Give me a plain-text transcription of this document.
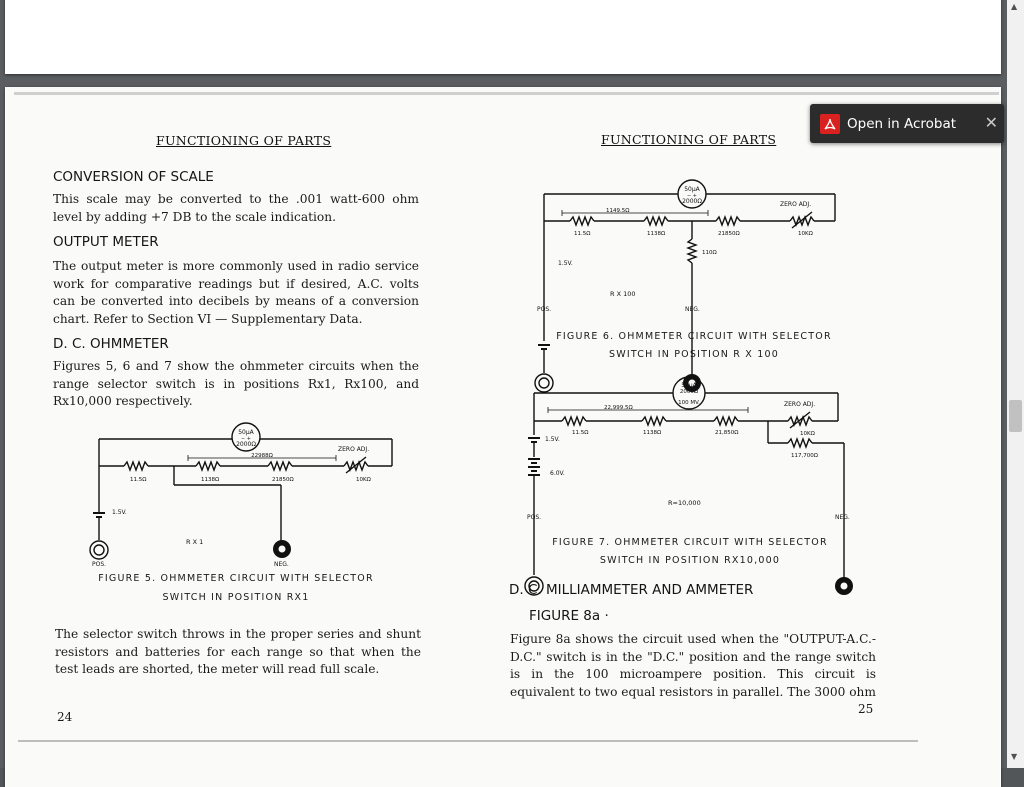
FUNCTIONING OF PARTS
CONVERSION OF SCALE
This scale may be converted to the .001 watt-600 ohm level by adding +7 DB to the scale indication.
OUTPUT METER
The output meter is more commonly used in radio service work for comparative readings but if desired, A.C. volts can be converted into decibels by means of a conversion chart. Refer to Section VI — Supplementary Data.
D. C. OHMMETER
Figures 5, 6 and 7 show the ohmmeter circuits when the range selector switch is in positions Rx1, Rx100, and Rx10,000 respectively.
50μA
− +
2000Ω
ZERO ADJ.
11.5Ω	1138Ω	21850Ω	10KΩ
22988Ω
1.5V.
R X 1
POS.	NEG.
FIGURE 5. OHMMETER CIRCUIT WITH SELECTOR
SWITCH IN POSITION RX1
The selector switch throws in the proper series and shunt resistors and batteries for each range so that when the test leads are shorted, the meter will read full scale.
24
FUNCTIONING OF PARTS
50μA
− +
2000Ω	ZERO ADJ.
1149.5Ω
11.5Ω	1138Ω	21850Ω	10KΩ
110Ω
1.5V.
R X 100
POS.	NEG.
FIGURE 6. OHMMETER CIRCUIT WITH SELECTOR
SWITCH IN POSITION R X 100
50μA
2000Ω
100 MV.	ZERO ADJ.
22,999.5Ω
11.5Ω	1138Ω	21,850Ω	10KΩ
117,700Ω
1.5V.
6.0V.
R=10,000
POS.	NEG.
FIGURE 7. OHMMETER CIRCUIT WITH SELECTOR
SWITCH IN POSITION RX10,000
D. C. MILLIAMMETER AND AMMETER
FIGURE 8a ·
Figure 8a shows the circuit used when the "OUTPUT-A.C.-D.C." switch is in the "D.C." position and the range switch is in the 100 microampere position. This circuit is equivalent to two equal resistors in parallel. The 3000 ohm
25
Open in Acrobat ✕
▲
▼
